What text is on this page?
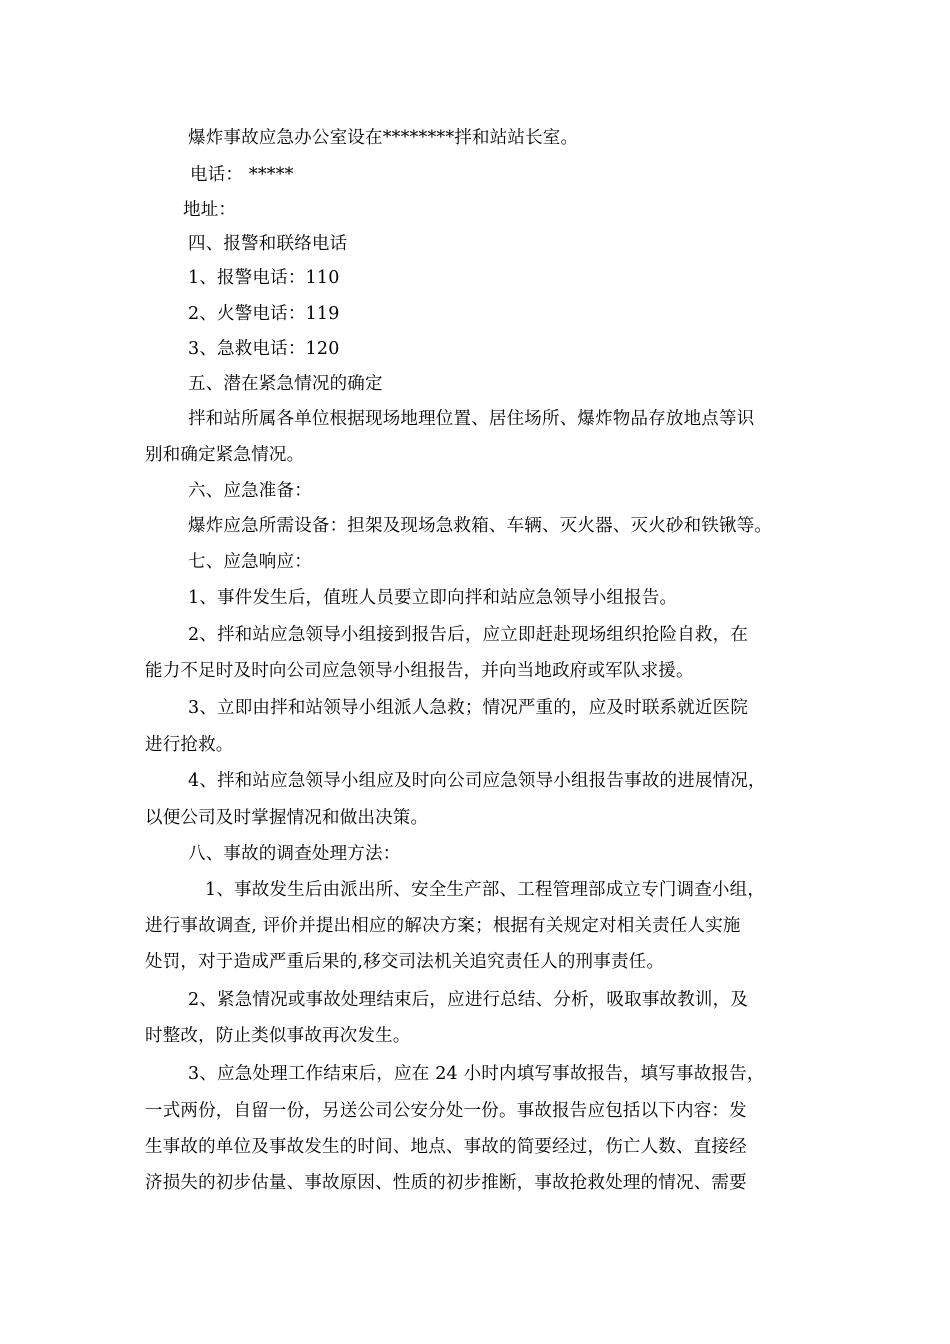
爆炸事故应急办公室设在********拌和站站长室。
电话： *****
地址：
四、报警和联络电话
1、报警电话：110
2、火警电话：119
3、急救电话：120
五、潜在紧急情况的确定
拌和站所属各单位根据现场地理位置、居住场所、爆炸物品存放地点等识
别和确定紧急情况。
六、应急准备：
爆炸应急所需设备：担架及现场急救箱、车辆、灭火器、灭火砂和铁锹等。
七、应急响应：
1、事件发生后，值班人员要立即向拌和站应急领导小组报告。
2、拌和站应急领导小组接到报告后，应立即赶赴现场组织抢险自救，在
能力不足时及时向公司应急领导小组报告，并向当地政府或军队求援。
3、立即由拌和站领导小组派人急救；情况严重的，应及时联系就近医院
进行抢救。
4、拌和站应急领导小组应及时向公司应急领导小组报告事故的进展情况，
以便公司及时掌握情况和做出决策。
八、事故的调查处理方法：
1、事故发生后由派出所、安全生产部、工程管理部成立专门调查小组，
进行事故调查, 评价并提出相应的解决方案；根据有关规定对相关责任人实施
处罚，对于造成严重后果的,移交司法机关追究责任人的刑事责任。
2、紧急情况或事故处理结束后，应进行总结、分析，吸取事故教训，及
时整改，防止类似事故再次发生。
3、应急处理工作结束后，应在 24 小时内填写事故报告，填写事故报告，
一式两份，自留一份，另送公司公安分处一份。事故报告应包括以下内容：发
生事故的单位及事故发生的时间、地点、事故的简要经过，伤亡人数、直接经
济损失的初步估量、事故原因、性质的初步推断，事故抢救处理的情况、需要
